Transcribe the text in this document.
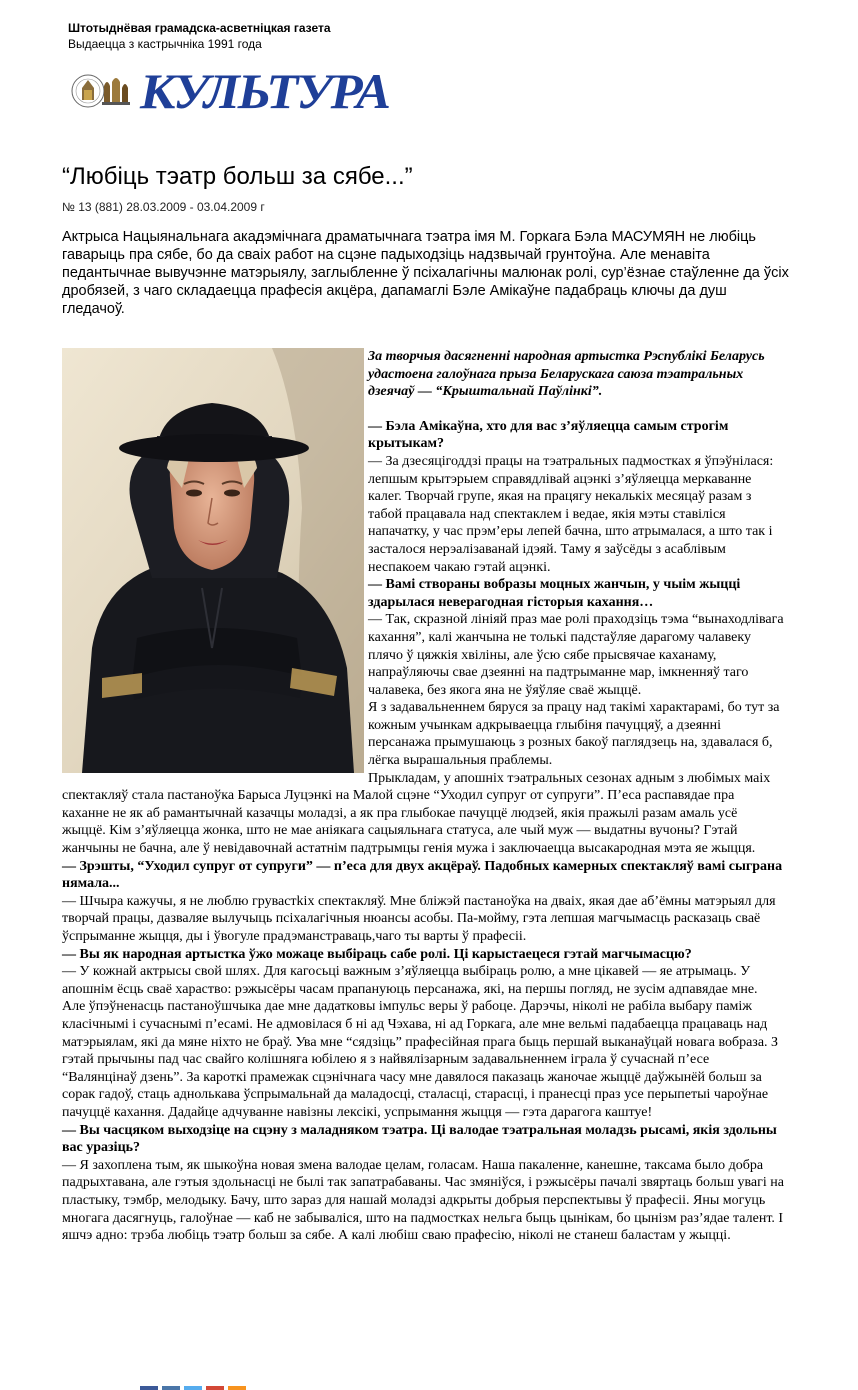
Штотыднёвая грамадска-асветніцкая газета
Выдаецца з кастрычніка 1991 года
КУЛЬТУРА
“Любіць тэатр больш за сябе...”
№ 13 (881) 28.03.2009 - 03.04.2009 г

Актрыса Нацыянальнага акадэмічнага драматычнага тэатра імя М. Горкага Бэла МАСУМЯН не любіць гаварыць пра сябе, бо да сваіх работ на сцэне падыходзіць надзвычай грунтоўна. Але менавіта педантычнае вывучэнне матэрыялу, заглыбленне ў псіхалагічны малюнак ролі, сур’ёзнае стаўленне да ўсіх дробязей, з чаго складаецца прафесія акцёра, дапамаглі Бэле Амікаўне падабраць ключы да душ гледачоў.

За творчыя дасягненні народная артыстка Рэспублікі Беларусь удастоена галоўнага прыза Беларускага саюза тэатральных дзеячаў — “Крыштальнай Паўлінкі”.

— Бэла Амікаўна, хто для вас з’яўляецца самым строгім крытыкам?

— За дзесяцігоддзі працы на тэатральных падмостках я ўпэўнілася: лепшым крытэрыем справядлівай ацэнкі з’яўляецца меркаванне калег. Творчай групе, якая на працягу некалькіх месяцаў разам з табой працавала над спектаклем і ведае, якія мэты ставіліся напачатку, у час прэм’еры лепей бачна, што атрымалася, а што так і засталося нерэалізаванай ідэяй. Таму я заўсёды з асаблівым неспакоем чакаю гэтай ацэнкі.

— Вамі створаны вобразы моцных жанчын, у чыім жыцці здарылася неверагодная гісторыя кахання…

— Так, скразной лініяй праз мае ролі праходзіць тэма “вынаходлівага кахання”, калі жанчына не толькі падстаўляе дарагому чалавеку плячо ў цяжкія хвіліны, але ўсю сябе прысвячае каханаму, напраўляючы свае дзеянні на падтрыманне мар, імкненняў таго чалавека, без якога яна не ўяўляе сваё жыццё.

Я з задавальненнем бяруся за працу над такімі характарамі, бо тут за кожным учынкам адкрываецца глыбіня пачуццяў, а дзеянні персанажа прымушаюць з розных бакоў паглядзець на, здавалася б, лёгка вырашальныя праблемы.

Прыкладам, у апошніх тэатральных сезонах адным з любімых маіх спектакляў стала пастаноўка Барыса Луцэнкі на Малой сцэне “Уходил супруг от супруги”. П’еса распавядае пра каханне не як аб рамантычнай казачцы моладзі, а як пра глыбокае пачуццё людзей, якія пражылі разам амаль усё жыццё. Кім з’яўляецца жонка, што не мае аніякага сацыяльнага статуса, але чый муж — выдатны вучоны? Гэтай жанчыны не бачна, але ў невідавочнай астатнім падтрымцы генія мужа і заключаецца высакародная мэта яе жыцця.

— Зрэшты, “Уходил супруг от супруги” — п’еса для двух акцёраў. Падобных камерных спектакляў вамі сыграна нямала...

— Шчыра кажучы, я не люблю груваcтkix спектакляў. Мне бліжэй пастаноўка на дваіх, якая дае аб’ёмны матэрыял для творчай працы, дазваляе вылучыць псіхалагічныя нюансы асобы. Па-мойму, гэта лепшая магчымасць расказаць сваё ўспрыманне жыцця, ды і ўвогуле прадэманстраваць,чаго ты варты ў прафесіі.

— Вы як народная артыстка ўжо можаце выбіраць сабе ролі. Ці карыстаецеся гэтай магчымасцю?

— У кожнай актрысы свой шлях. Для кагосьці важным з’яўляецца выбіраць ролю, а мне цікавей — яе атрымаць. У апошнім ёсць сваё харaство: рэжысёры часам прапануюць персанажа, які, на першы погляд, не зусім адпавядае мне. Але ўпэўненасць пастаноўшчыка дае мне дадатковы імпульс веры ў рабоце. Дарэчы, ніколі не рабіла выбару паміж класічнымі і сучаснымі п’есамі. Не адмовілася б ні ад Чэхава, ні ад Горкага, але мне вельмі падабаецца працаваць над матэрыялам, які да мяне ніхто не браў. Ува мне “сядзіць” прафесійная прага быць першай выканаўцай новага вобраза. З гэтай прычыны пад час свайго колішняга юбілею я з найвялізарным задавальненнем іграла ў сучаснай п’есе “Валянцінаў дзень”. За кароткі прамежак сцэнічнага часу мне давялося паказаць жаночае жыццё даўжынёй больш за сорак гадоў, стаць аднолькава ўспрымальнай да маладосці, сталасці, старасці, і пранесці праз усе перыпетыі чароўнае пачуццё кахання. Дадайце адчуванне навізны лексікі, успрымання жыцця — гэта дарагога каштуе!

— Вы часцяком выходзіце на сцэну з маладняком тэатра. Ці валодае тэатральная моладзь рысамі, якія здольны вас уразіць?

— Я захоплена тым, як шыкоўна новая змена валодае целам, голасам. Наша пакаленне, канешне, таксама было добра падрыхтавана, але гэтыя здольнасці не былі так запатрабаваны. Час змяніўся, і рэжысёры пачалі звяртаць больш увагі на пластыку, тэмбр, мелодыку. Бачу, што зараз для нашай моладзі адкрыты добрыя перспектывы ў прафесіі. Яны могуць многага дасягнуць, галоўнае — каб не забываліся, што на падмостках нельга быць цынікам, бо цынізм раз’ядае талент. І яшчэ адно: трэба любіць тэатр больш за сябе. А калі любіш сваю прафесію, ніколі не станеш баластам у жыцці.
